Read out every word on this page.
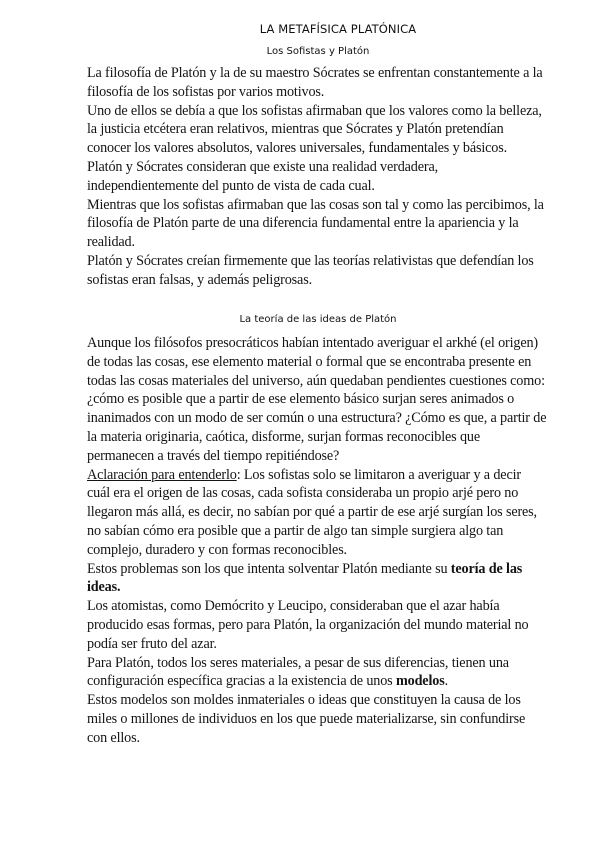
LA METAFÍSICA PLATÓNICA
Los Sofistas y Platón

La filosofía de Platón y la de su maestro Sócrates se enfrentan constantemente a la filosofía de los sofistas por varios motivos.

Uno de ellos se debía a que los sofistas afirmaban que los valores como la belleza, la justicia etcétera eran relativos, mientras que Sócrates y Platón pretendían conocer los valores absolutos, valores universales, fundamentales y básicos.

Platón y Sócrates consideran que existe una realidad verdadera, independientemente del punto de vista de cada cual.

Mientras que los sofistas afirmaban que las cosas son tal y como las percibimos, la filosofía de Platón parte de una diferencia fundamental entre la apariencia y la realidad.

Platón y Sócrates creían firmemente que las teorías relativistas que defendían los sofistas eran falsas, y además peligrosas.

La teoría de las ideas de Platón

Aunque los filósofos presocráticos habían intentado averiguar el arkhé (el origen) de todas las cosas, ese elemento material o formal que se encontraba presente en todas las cosas materiales del universo, aún quedaban pendientes cuestiones como: ¿cómo es posible que a partir de ese elemento básico surjan seres animados o inanimados con un modo de ser común o una estructura? ¿Cómo es que, a partir de la materia originaria, caótica, disforme, surjan formas reconocibles que permanecen a través del tiempo repitiéndose?

Aclaración para entenderlo: Los sofistas solo se limitaron a averiguar y a decir cuál era el origen de las cosas, cada sofista consideraba un propio arjé pero no llegaron más allá, es decir, no sabían por qué a partir de ese arjé surgían los seres, no sabían cómo era posible que a partir de algo tan simple surgiera algo tan complejo, duradero y con formas reconocibles.

Estos problemas son los que intenta solventar Platón mediante su teoría de las ideas.

Los atomistas, como Demócrito y Leucipo, consideraban que el azar había producido esas formas, pero para Platón, la organización del mundo material no podía ser fruto del azar.

Para Platón, todos los seres materiales, a pesar de sus diferencias, tienen una configuración específica gracias a la existencia de unos modelos.

Estos modelos son moldes inmateriales o ideas que constituyen la causa de los miles o millones de individuos en los que puede materializarse, sin confundirse con ellos.
